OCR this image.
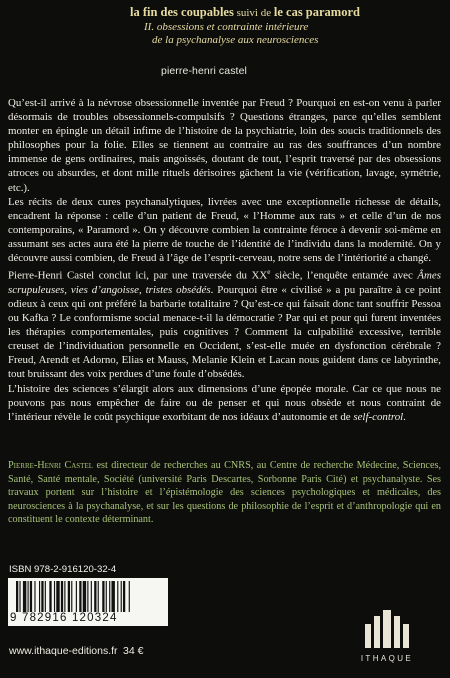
la fin des coupables suivi de le cas paramord
II. obsessions et contrainte intérieure
de la psychanalyse aux neurosciences
pierre-henri castel

Qu’est-il arrivé à la névrose obsessionnelle inventée par Freud ? Pourquoi en est-on venu à parler désormais de troubles obsessionnels-compulsifs ? Questions étranges, parce qu’elles semblent monter en épingle un détail infime de l’histoire de la psychiatrie, loin des soucis traditionnels des philosophes pour la folie. Elles se tiennent au contraire au ras des souffrances d’un nombre immense de gens ordinaires, mais angoissés, doutant de tout, l’esprit traversé par des obsessions atroces ou absurdes, et dont mille rituels dérisoires gâchent la vie (vérification, lavage, symétrie, etc.).

Les récits de deux cures psychanalytiques, livrées avec une exceptionnelle richesse de détails, encadrent la réponse : celle d’un patient de Freud, « l’Homme aux rats » et celle d’un de nos contemporains, « Paramord ». On y découvre combien la contrainte féroce à devenir soi-même en assumant ses actes aura été la pierre de touche de l’identité de l’individu dans la modernité. On y découvre aussi combien, de Freud à l’âge de l’esprit-cerveau, notre sens de l’intériorité a changé.

Pierre-Henri Castel conclut ici, par une traversée du XXe siècle, l’enquête entamée avec Âmes scrupuleuses, vies d’angoisse, tristes obsédés. Pourquoi être « civilisé » a pu paraître à ce point odieux à ceux qui ont préféré la barbarie totalitaire ? Qu’est-ce qui faisait donc tant souffrir Pessoa ou Kafka ? Le conformisme social menace-t-il la démocratie ? Par qui et pour qui furent inventées les thérapies comportementales, puis cognitives ? Comment la culpabilité excessive, terrible creuset de l’individuation personnelle en Occident, s’est-elle muée en dysfonction cérébrale ? Freud, Arendt et Adorno, Elias et Mauss, Melanie Klein et Lacan nous guident dans ce labyrinthe, tout bruissant des voix perdues d’une foule d’obsédés.

L’histoire des sciences s’élargit alors aux dimensions d’une épopée morale. Car ce que nous ne pouvons pas nous empêcher de faire ou de penser et qui nous obsède et nous contraint de l’intérieur révèle le coût psychique exorbitant de nos idéaux d’autonomie et de self-control.

Pierre-Henri Castel est directeur de recherches au CNRS, au Centre de recherche Médecine, Sciences, Santé, Santé mentale, Société (université Paris Descartes, Sorbonne Paris Cité) et psychanalyste. Ses travaux portent sur l’histoire et l’épistémologie des sciences psychologiques et médicales, des neurosciences à la psychanalyse, et sur les questions de philosophie de l’esprit et d’anthropologie qui en constituent le contexte déterminant.

ISBN 978-2-916120-32-4
9 782916 120324
www.ithaque-editions.fr 34 €
ITHAQUE
